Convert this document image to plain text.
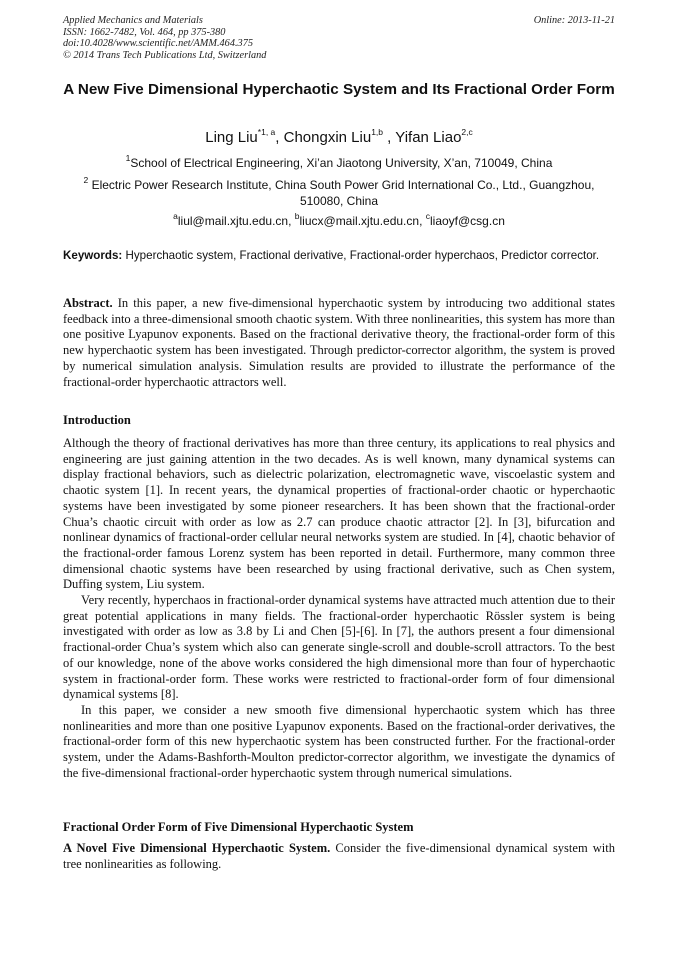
Applied Mechanics and Materials
ISSN: 1662-7482, Vol. 464, pp 375-380
doi:10.4028/www.scientific.net/AMM.464.375
© 2014 Trans Tech Publications Ltd, Switzerland
Online: 2013-11-21
A New Five Dimensional Hyperchaotic System and Its Fractional Order Form
Ling Liu$^{*1, a}$, Chongxin Liu$^{1,b}$ , Yifan Liao$^{2,c}$
$^1$School of Electrical Engineering, Xi’an Jiaotong University, X’an, 710049, China
$^2$ Electric Power Research Institute, China South Power Grid International Co., Ltd., Guangzhou, 510080, China
$^a$liul@mail.xjtu.edu.cn, $^b$liucx@mail.xjtu.edu.cn, $^c$liaoyf@csg.cn
Keywords: Hyperchaotic system, Fractional derivative, Fractional-order hyperchaos, Predictor corrector.

Abstract. In this paper, a new five-dimensional hyperchaotic system by introducing two additional states feedback into a three-dimensional smooth chaotic system. With three nonlinearities, this system has more than one positive Lyapunov exponents. Based on the fractional derivative theory, the fractional-order form of this new hyperchaotic system has been investigated. Through predictor-corrector algorithm, the system is proved by numerical simulation analysis. Simulation results are provided to illustrate the performance of the fractional-order hyperchaotic attractors well.

Introduction

Although the theory of fractional derivatives has more than three century, its applications to real physics and engineering are just gaining attention in the two decades. As is well known, many dynamical systems can display fractional behaviors, such as dielectric polarization, electromagnetic wave, viscoelastic system and chaotic system [1]. In recent years, the dynamical properties of fractional-order chaotic or hyperchaotic systems have been investigated by some pioneer researchers. It has been shown that the fractional-order Chua’s chaotic circuit with order as low as 2.7 can produce chaotic attractor [2]. In [3], bifurcation and nonlinear dynamics of fractional-order cellular neural networks system are studied. In [4], chaotic behavior of the fractional-order famous Lorenz system has been reported in detail. Furthermore, many common three dimensional chaotic systems have been researched by using fractional derivative, such as Chen system, Duffing system, Liu system.

Very recently, hyperchaos in fractional-order dynamical systems have attracted much attention due to their great potential applications in many fields. The fractional-order hyperchaotic Rössler system is being investigated with order as low as 3.8 by Li and Chen [5]-[6]. In [7], the authors present a four dimensional fractional-order Chua’s system which also can generate single-scroll and double-scroll attractors. To the best of our knowledge, none of the above works considered the high dimensional more than four of hyperchaotic system in fractional-order form. These works were restricted to fractional-order form of four dimensional dynamical systems [8].

In this paper, we consider a new smooth five dimensional hyperchaotic system which has three nonlinearities and more than one positive Lyapunov exponents. Based on the fractional-order derivatives, the fractional-order form of this new hyperchaotic system has been constructed further. For the fractional-order system, under the Adams-Bashforth-Moulton predictor-corrector algorithm, we investigate the dynamics of the five-dimensional fractional-order hyperchaotic system through numerical simulations.

Fractional Order Form of Five Dimensional Hyperchaotic System

A Novel Five Dimensional Hyperchaotic System. Consider the five-dimensional dynamical system with tree nonlinearities as following.
